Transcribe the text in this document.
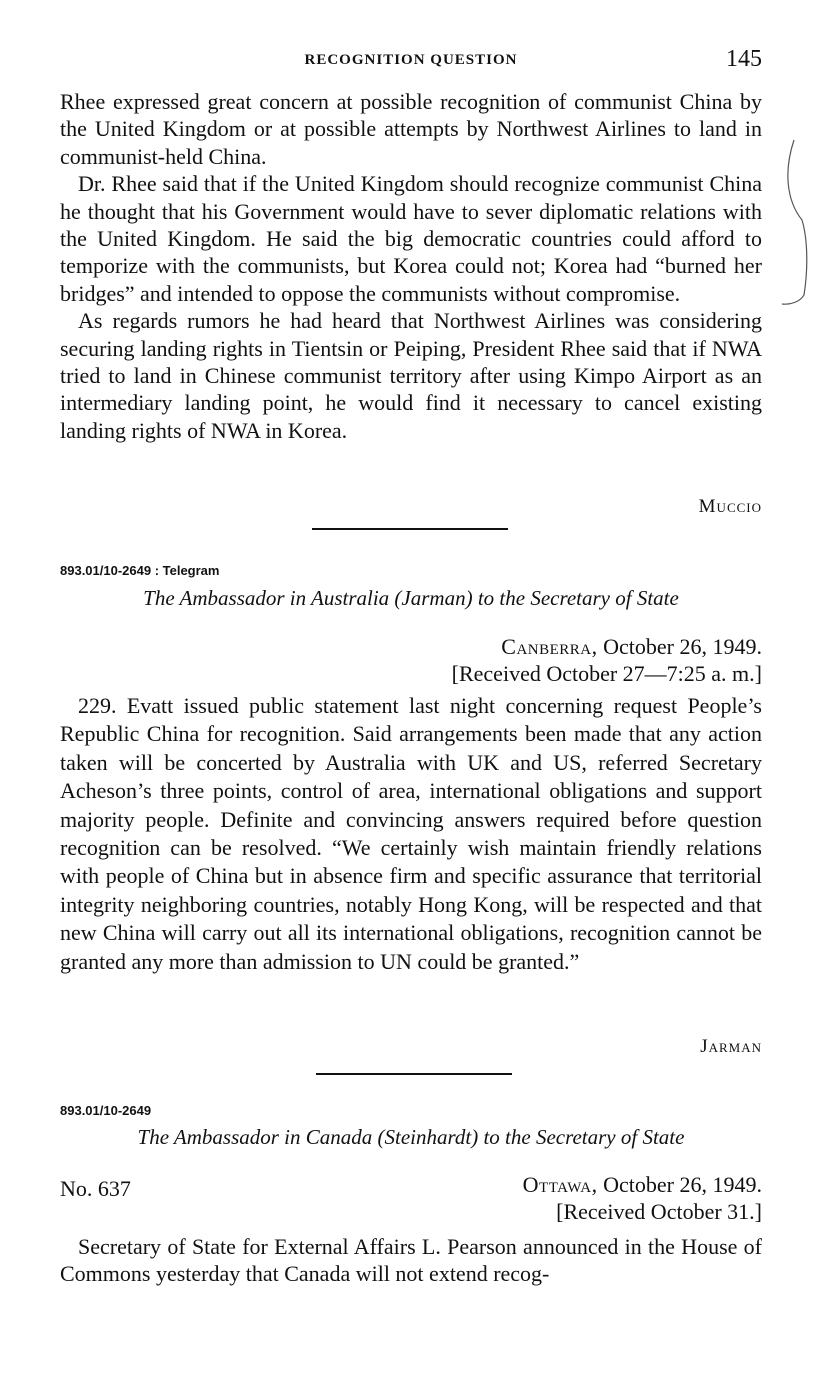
RECOGNITION QUESTION	145

Rhee expressed great concern at possible recognition of communist China by the United Kingdom or at possible attempts by Northwest Airlines to land in communist-held China.

Dr. Rhee said that if the United Kingdom should recognize communist China he thought that his Government would have to sever diplomatic relations with the United Kingdom. He said the big democratic countries could afford to temporize with the communists, but Korea could not; Korea had “burned her bridges” and intended to oppose the communists without compromise.

As regards rumors he had heard that Northwest Airlines was considering securing landing rights in Tientsin or Peiping, President Rhee said that if NWA tried to land in Chinese communist territory after using Kimpo Airport as an intermediary landing point, he would find it necessary to cancel existing landing rights of NWA in Korea.

Muccio
893.01/10-2649 : Telegram
The Ambassador in Australia (Jarman) to the Secretary of State
Canberra, October 26, 1949.
[Received October 27—7:25 a. m.]

229. Evatt issued public statement last night concerning request People’s Republic China for recognition. Said arrangements been made that any action taken will be concerted by Australia with UK and US, referred Secretary Acheson’s three points, control of area, international obligations and support majority people. Definite and convincing answers required before question recognition can be resolved. “We certainly wish maintain friendly relations with people of China but in absence firm and specific assurance that territorial integrity neighboring countries, notably Hong Kong, will be respected and that new China will carry out all its international obligations, recognition cannot be granted any more than admission to UN could be granted.”

Jarman
893.01/10-2649
The Ambassador in Canada (Steinhardt) to the Secretary of State
No. 637	Ottawa, October 26, 1949.
[Received October 31.]

Secretary of State for External Affairs L. Pearson announced in the House of Commons yesterday that Canada will not extend recog-
